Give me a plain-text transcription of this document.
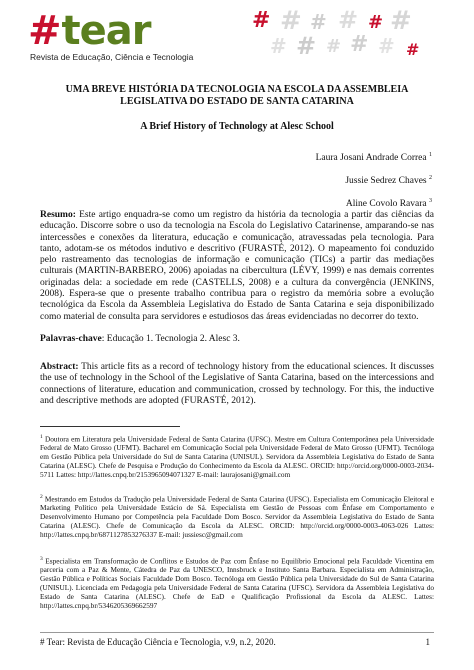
# tear
Revista de Educação, Ciência e Tecnologia
# # # # # #
# # # # # #
UMA BREVE HISTÓRIA DA TECNOLOGIA NA ESCOLA DA ASSEMBLEIA LEGISLATIVA DO ESTADO DE SANTA CATARINA
A Brief History of Technology at Alesc School
Laura Josani Andrade Correa $^1$
Jussie Sedrez Chaves $^2$
Aline Covolo Ravara $^3$
Resumo: Este artigo enquadra-se como um registro da história da tecnologia a partir das ciências da educação. Discorre sobre o uso da tecnologia na Escola do Legislativo Catarinense, amparando-se nas intercessões e conexões da literatura, educação e comunicação, atravessadas pela tecnologia. Para tanto, adotam-se os métodos indutivo e descritivo (FURASTÉ, 2012). O mapeamento foi conduzido pelo rastreamento das tecnologias de informação e comunicação (TICs) a partir das mediações culturais (MARTIN-BARBERO, 2006) apoiadas na cibercultura (LÉVY, 1999) e nas demais correntes originadas dela: a sociedade em rede (CASTELLS, 2008) e a cultura da convergência (JENKINS, 2008). Espera-se que o presente trabalho contribua para o registro da memória sobre a evolução tecnológica da Escola da Assembleia Legislativa do Estado de Santa Catarina e seja disponibilizado como material de consulta para servidores e estudiosos das áreas evidenciadas no decorrer do texto.
Palavras-chave: Educação 1. Tecnologia 2. Alesc 3.
Abstract: This article fits as a record of technology history from the educational sciences. It discusses the use of technology in the School of the Legislative of Santa Catarina, based on the intercessions and connections of literature, education and communication, crossed by technology. For this, the inductive and descriptive methods are adopted (FURASTÉ, 2012).
$^1$ Doutora em Literatura pela Universidade Federal de Santa Catarina (UFSC). Mestre em Cultura Contemporânea pela Universidade Federal de Mato Grosso (UFMT). Bacharel em Comunicação Social pela Universidade Federal de Mato Grosso (UFMT). Tecnóloga em Gestão Pública pela Universidade do Sul de Santa Catarina (UNISUL). Servidora da Assembleia Legislativa do Estado de Santa Catarina (ALESC). Chefe de Pesquisa e Produção do Conhecimento da Escola da ALESC. ORCID: http://orcid.org/0000-0003-2034-5711 Lattes: http://lattes.cnpq.br/2153965094071327 E-mail: laurajosani@gmail.com
$^2$ Mestrando em Estudos da Tradução pela Universidade Federal de Santa Catarina (UFSC). Especialista em Comunicação Eleitoral e Marketing Político pela Universidade Estácio de Sá. Especialista em Gestão de Pessoas com Ênfase em Comportamento e Desenvolvimento Humano por Competência pela Faculdade Dom Bosco. Servidor da Assembleia Legislativa do Estado de Santa Catarina (ALESC). Chefe de Comunicação da Escola da ALESC. ORCID: http://orcid.org/0000-0003-4063-026 Lattes: http://lattes.cnpq.br/6871127853276337 E-mail: jussiesc@gmail.com
$^3$ Especialista em Transformação de Conflitos e Estudos de Paz com Ênfase no Equilíbrio Emocional pela Faculdade Vicentina em parceria com a Paz & Mente, Cátedra de Paz da UNESCO, Innsbruck e Instituto Santa Barbara. Especialista em Administração, Gestão Pública e Políticas Sociais Faculdade Dom Bosco. Tecnóloga em Gestão Pública pela Universidade do Sul de Santa Catarina (UNISUL). Licenciada em Pedagogia pela Universidade Federal de Santa Catarina (UFSC). Servidora da Assembleia Legislativa do Estado de Santa Catarina (ALESC). Chefe de EaD e Qualificação Profissional da Escola da ALESC. Lattes: http://lattes.cnpq.br/5346205369662597
# Tear: Revista de Educação Ciência e Tecnologia, v.9, n.2, 2020.	1
